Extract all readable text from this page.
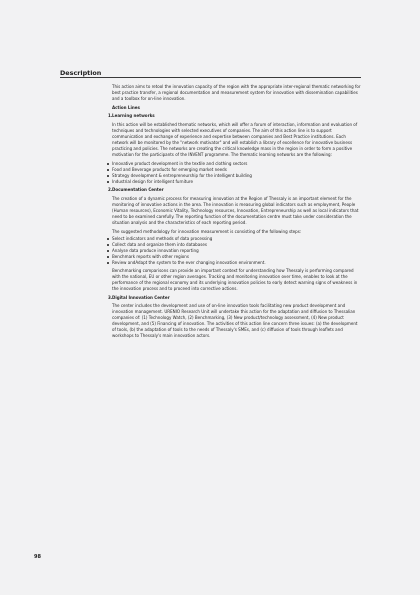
Description

This action aims to retool the innovation capacity of the region with the appropriate inter-regional thematic networking for best practice transfer, a regional documentation and measurement system for innovation with dissemination capabilities and a toolbox for on-line innovation.

Action Lines

1. Learning networks

In this action will be established thematic networks, which will offer a forum of interaction, information and evaluation of techniques and technologies with selected executives of companies. The aim of this action line is to support communication and exchange of experience and expertise between companies and Best Practice institutions. Each network will be monitored by the "network motivator" and will establish a library of excellence for innovative business practicing and policies. The networks are creating the critical knowledge mass in the region in order to form a positive motivation for the participants of the INVENT programme. The thematic learning networks are the following:

Innovative product development in the textile and clothing sectors
Food and Beverage products for emerging market needs
Strategy development & entrepreneurship for the intelligent building
Industrial design for intelligent furniture

2. Documentation Center

The creation of a dynamic process for measuring innovation at the Region of Thessaly is an important element for the monitoring of innovative actions in the area. The innovation is measuring global indicators such as employment, People (Human resources), Economic Vitality, Technology resources, Innovation, Entrepreneurship as well as local indicators that need to be examined carefully. The reporting function of the documentation centre must take under consideration the situation analysis and the characteristics of each reporting period.

The suggested methodology for innovation measurement is consisting of the following steps:

Select indicators and methods of data processing
Collect data and organize them into databases
Analyse data produce innovation reporting
Benchmark reports with other regions
Review andAdapt the system to the ever changing innovation environment.

Benchmarking comparisons can provide an important context for understanding how Thessaly is performing compared with the national, EU or other region averages. Tracking and monitoring innovation over time, enables to look at the performance of the regional economy and its underlying innovation policies to early detect warning signs of weakness in the innovation process and to proceed into corrective actions.

3. Digital Innovation Center

The center includes the development and use of on-line innovation tools facilitating new product development and innovation management. URENIO Research Unit will undertake this action for the adaptation and diffusion to Thessalian companies of: (1) Technology Watch, (2) Benchmarking, (3) New product/technology assessment, (4) New product development, and (5) Financing of innovation. The activities of this action line concern three issues: (a) the development of tools, (b) the adaptation of tools to the needs of Thessaly's SMEs, and (c) diffusion of tools through leaflets and workshops to Thessaly's main innovation actors.

98
